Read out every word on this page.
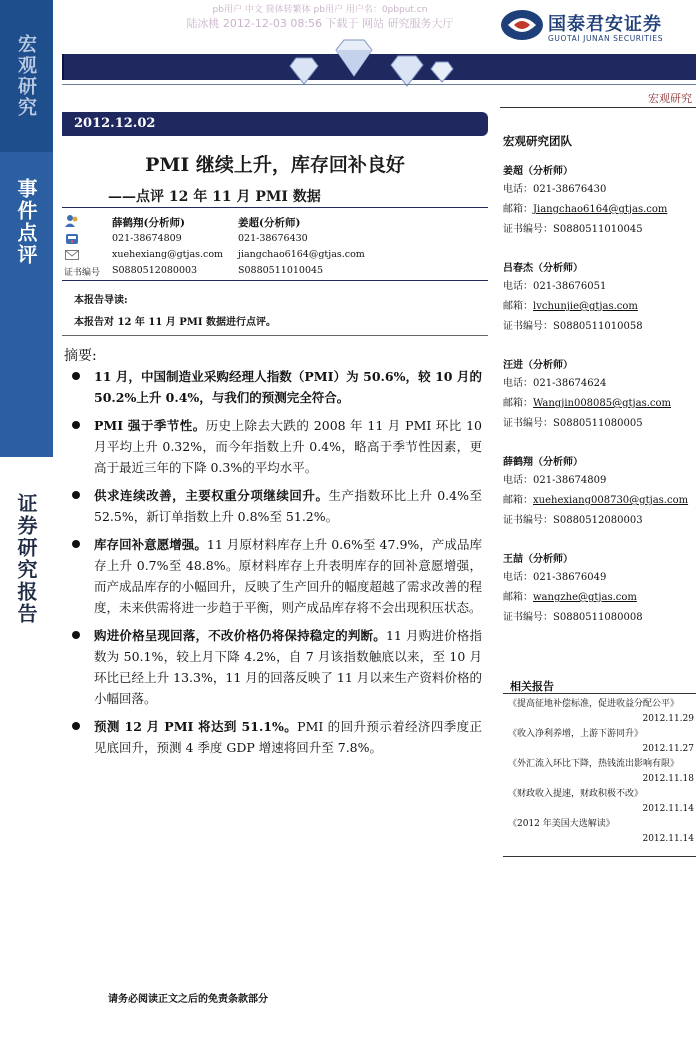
宏观研究
事件点评
证券研究报告
pb用户 中文 简体转繁体 pb用户 用户名：0pbput.cn
陆冰桃 2012-12-03 08:56 下载于 网站 研究服务大厅	国泰君安证券
GUOTAI JUNAN SECURITIES
宏观研究
2012.12.02
PMI 继续上升，库存回补良好
——点评 12 年 11 月 PMI 数据
薛鹤翔(分析师)	姜超(分析师)
021-38674809	021-38676430
xuehexiang@gtjas.com jiangchao6164@gtjas.com
证书编号 S0880512080003	S0880511010045
本报告导读:
本报告对 12 年 11 月 PMI 数据进行点评。
摘要:
11 月，中国制造业采购经理人指数（PMI）为 50.6%，较 10 月的 50.2%上升 0.4%，与我们的预测完全符合。
PMI 强于季节性。历史上除去大跌的 2008 年 11 月 PMI 环比 10 月平均上升 0.32%，而今年指数上升 0.4%，略高于季节性因素，更高于最近三年的下降 0.3%的平均水平。
供求连续改善，主要权重分项继续回升。生产指数环比上升 0.4%至 52.5%，新订单指数上升 0.8%至 51.2%。
库存回补意愿增强。11 月原材料库存上升 0.6%至 47.9%，产成品库存上升 0.7%至 48.8%。原材料库存上升表明库存的回补意愿增强，而产成品库存的小幅回升，反映了生产回升的幅度超越了需求改善的程度，未来供需将进一步趋于平衡，则产成品库存将不会出现积压状态。
购进价格呈现回落，不改价格仍将保持稳定的判断。11 月购进价格指数为 50.1%，较上月下降 4.2%，自 7 月该指数触底以来，至 10 月环比已经上升 13.3%，11 月的回落反映了 11 月以来生产资料价格的小幅回落。
预测 12 月 PMI 将达到 51.1%。PMI 的回升预示着经济四季度正见底回升，预测 4 季度 GDP 增速将回升至 7.8%。
宏观研究团队
姜超（分析师）
电话：021-38676430
邮箱：Jiangchao6164@gtjas.com
证书编号：S0880511010045
吕春杰（分析师）
电话：021-38676051
邮箱：lvchunjie@gtjas.com
证书编号：S0880511010058
汪进（分析师）
电话：021-38674624
邮箱：Wangjin008085@gtjas.com
证书编号：S0880511080005
薛鹤翔（分析师）
电话：021-38674809
邮箱：xuehexiang008730@gtjas.com
证书编号：S0880512080003
王喆（分析师）
电话：021-38676049
邮箱：wangzhe@gtjas.com
证书编号：S0880511080008
相关报告
《提高征地补偿标准，促进收益分配公平》
2012.11.29
《收入净利养增，上游下游同升》
2012.11.27
《外汇流入环比下降，热钱流出影响有限》
2012.11.18
《财政收入提速，财政积极不改》
2012.11.14
《2012 年美国大选解读》
2012.11.14
请务必阅读正文之后的免责条款部分
